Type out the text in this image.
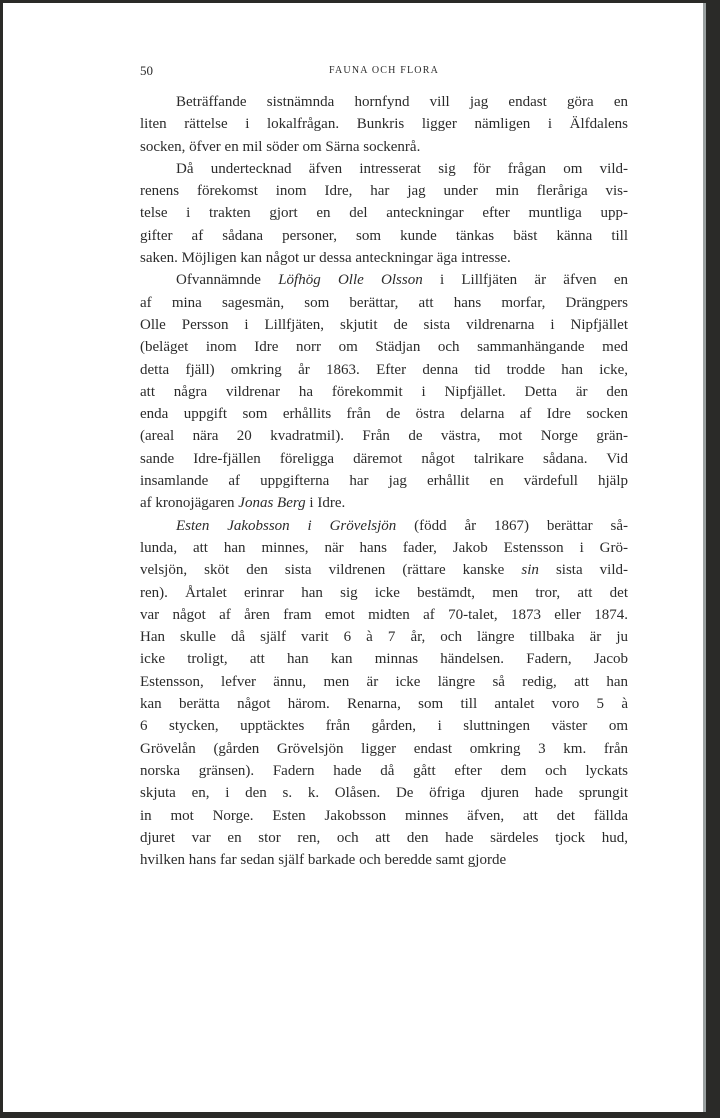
50	FAUNA OCH FLORA
Beträffande sistnämnda hornfynd vill jag endast göra en
liten rättelse i lokalfrågan. Bunkris ligger nämligen i Älfdalens
socken, öfver en mil söder om Särna sockenrå.
Då undertecknad äfven intresserat sig för frågan om vild-
renens förekomst inom Idre, har jag under min fleråriga vis-
telse i trakten gjort en del anteckningar efter muntliga upp-
gifter af sådana personer, som kunde tänkas bäst känna till
saken. Möjligen kan något ur dessa anteckningar äga intresse.
Ofvannämnde Löfhög Olle Olsson i Lillfjäten är äfven en
af mina sagesmän, som berättar, att hans morfar, Drängpers
Olle Persson i Lillfjäten, skjutit de sista vildrenarna i Nipfjället
(beläget inom Idre norr om Städjan och sammanhängande med
detta fjäll) omkring år 1863. Efter denna tid trodde han icke,
att några vildrenar ha förekommit i Nipfjället. Detta är den
enda uppgift som erhållits från de östra delarna af Idre socken
(areal nära 20 kvadratmil). Från de västra, mot Norge grän-
sande Idre-fjällen föreligga däremot något talrikare sådana. Vid
insamlande af uppgifterna har jag erhållit en värdefull hjälp
af kronojägaren Jonas Berg i Idre.
Esten Jakobsson i Grövelsjön (född år 1867) berättar så-
lunda, att han minnes, när hans fader, Jakob Estensson i Grö-
velsjön, sköt den sista vildrenen (rättare kanske sin sista vild-
ren). Årtalet erinrar han sig icke bestämdt, men tror, att det
var något af åren fram emot midten af 70-talet, 1873 eller 1874.
Han skulle då själf varit 6 à 7 år, och längre tillbaka är ju
icke troligt, att han kan minnas händelsen. Fadern, Jacob
Estensson, lefver ännu, men är icke längre så redig, att han
kan berätta något härom. Renarna, som till antalet voro 5 à
6 stycken, upptäcktes från gården, i sluttningen väster om
Grövelån (gården Grövelsjön ligger endast omkring 3 km. från
norska gränsen). Fadern hade då gått efter dem och lyckats
skjuta en, i den s. k. Olåsen. De öfriga djuren hade sprungit
in mot Norge. Esten Jakobsson minnes äfven, att det fällda
djuret var en stor ren, och att den hade särdeles tjock hud,
hvilken hans far sedan själf barkade och beredde samt gjorde
